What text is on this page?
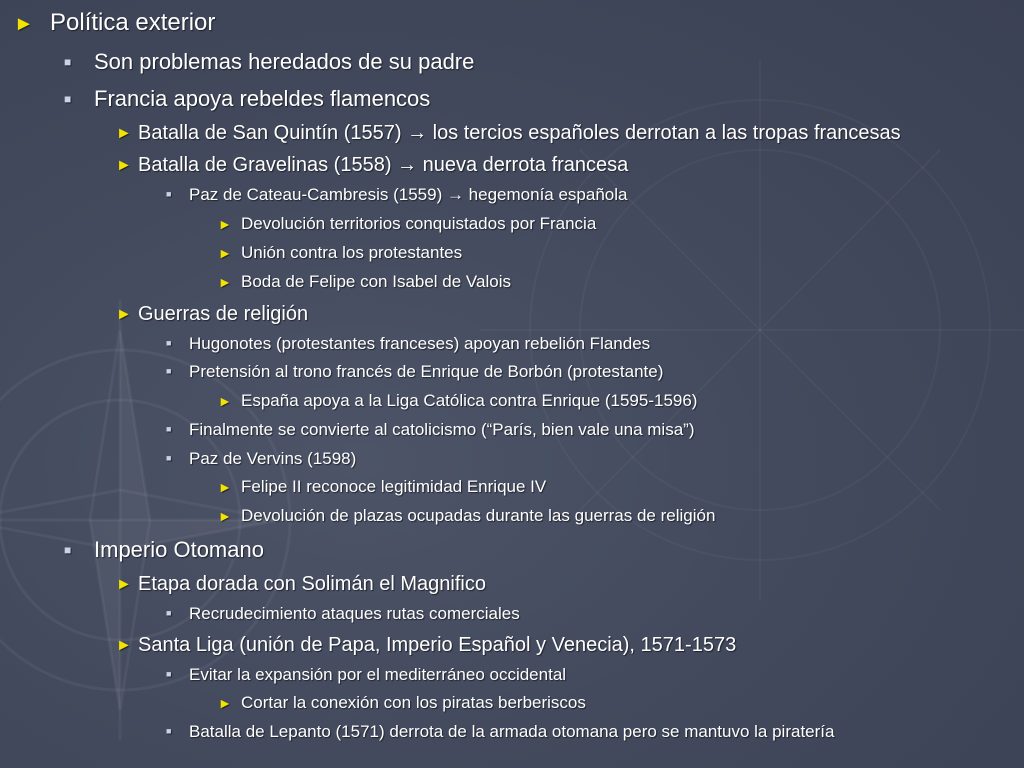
► Política exterior
■ Son problemas heredados de su padre
■ Francia apoya rebeldes flamencos
► Batalla de San Quintín (1557) → los tercios españoles derrotan a las tropas francesas
► Batalla de Gravelinas (1558) → nueva derrota francesa
■ Paz de Cateau-Cambresis (1559) → hegemonía española
► Devolución territorios conquistados por Francia
► Unión contra los protestantes
► Boda de Felipe con Isabel de Valois
► Guerras de religión
■ Hugonotes (protestantes franceses) apoyan rebelión Flandes
■ Pretensión al trono francés de Enrique de Borbón (protestante)
► España apoya a la Liga Católica contra Enrique (1595-1596)
■ Finalmente se convierte al catolicismo (“París, bien vale una misa”)
■ Paz de Vervins (1598)
► Felipe II reconoce legitimidad Enrique IV
► Devolución de plazas ocupadas durante las guerras de religión
■ Imperio Otomano
► Etapa dorada con Solimán el Magnifico
■ Recrudecimiento ataques rutas comerciales
► Santa Liga (unión de Papa, Imperio Español y Venecia), 1571-1573
■ Evitar la expansión por el mediterráneo occidental
► Cortar la conexión con los piratas berberiscos
■ Batalla de Lepanto (1571) derrota de la armada otomana pero se mantuvo la piratería
